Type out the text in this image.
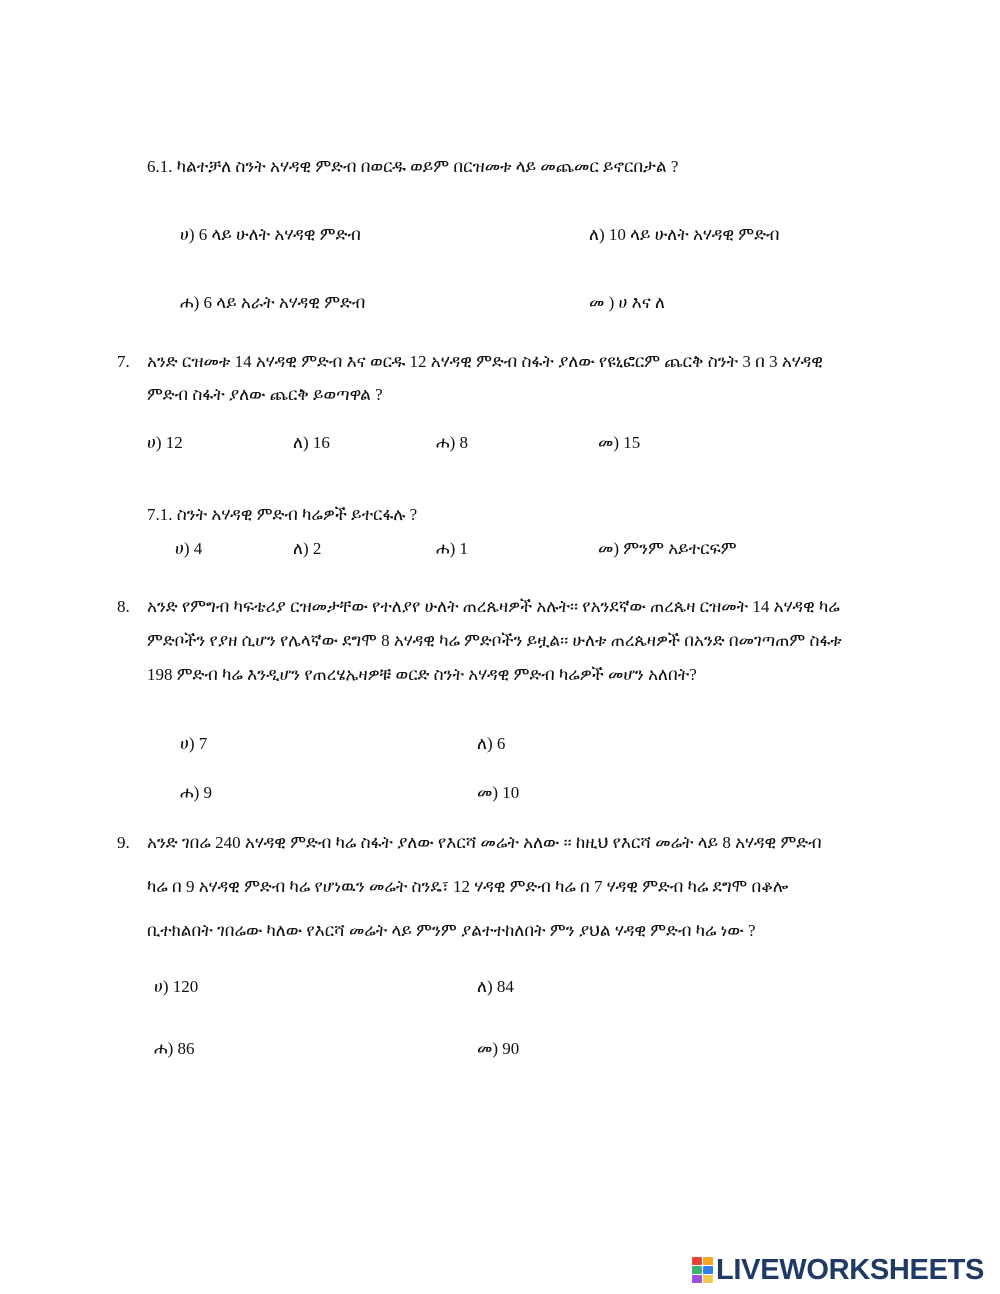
6.1. ካልተቻለ ስንት አሃዳዊ ምድብ በወርዱ ወይም በርዝመቱ ላይ መጨመር ይኖርበታል ?
ሀ) 6 ላይ ሁለት አሃዳዊ ምድብ	ለ) 10 ላይ ሁለት አሃዳዊ ምድብ
ሐ) 6 ላይ አራት አሃዳዊ ምድብ	መ ) ሀ እና ለ
7. አንድ ርዝመቱ 14 አሃዳዊ ምድብ እና ወርዱ 12 አሃዳዊ ምድብ ስፋት ያለው የዩኒፎርም ጨርቅ ስንት 3 በ 3 አሃዳዊ
ምድብ ስፋት ያለው ጨርቅ ይወጣዋል ?
ሀ) 12	ለ) 16	ሐ) 8	መ) 15
7.1. ስንት አሃዳዊ ምድብ ካሬዎች ይተርፋሉ ?
ሀ) 4	ለ) 2	ሐ) 1	መ) ምንም አይተርፍም
8. አንድ የምግብ ካፍቴሪያ ርዝመታቸው የተለያየ ሁለት ጠረጴዛዎች አሉት፡፡ የአንደኛው ጠረጴዛ ርዝመት 14 አሃዳዊ ካሬ
ምድቦችን የያዘ ሲሆን የሌላኛው ደግሞ 8 አሃዳዊ ካሬ ምድቦችን ይዟል፡፡ ሁለቱ ጠረጴዛዎች በአንድ በመገጣጠም ስፋቱ
198 ምድብ ካሬ እንዲሆን የጠረሄኤዛዎቹ ወርድ ስንት አሃዳዊ ምድብ ካሬዎች መሆን አለበት?
ሀ) 7	ለ) 6
ሐ) 9	መ) 10
9. አንድ ገበሬ 240 አሃዳዊ ምድብ ካሬ ስፋት ያለው የእርሻ መሬት አለው ፡፡ ከዚህ የእርሻ መሬት ላይ 8 አሃዳዊ ምድብ
ካሬ በ 9 አሃዳዊ ምድብ ካሬ የሆነዉን መሬት ስንዴ፣ 12 ሃዳዊ ምድብ ካሬ በ 7 ሃዳዊ ምድብ ካሬ ደግሞ በቆሎ
ቢተክልበት ገበሬው ካለው የእርሻ መሬት ላይ ምንም ያልተተከለበት ምን ያህል ሃዳዊ ምድብ ካሬ ነው ?
ሀ) 120	ለ) 84
ሐ) 86	መ) 90
LIVEWORKSHEETS
